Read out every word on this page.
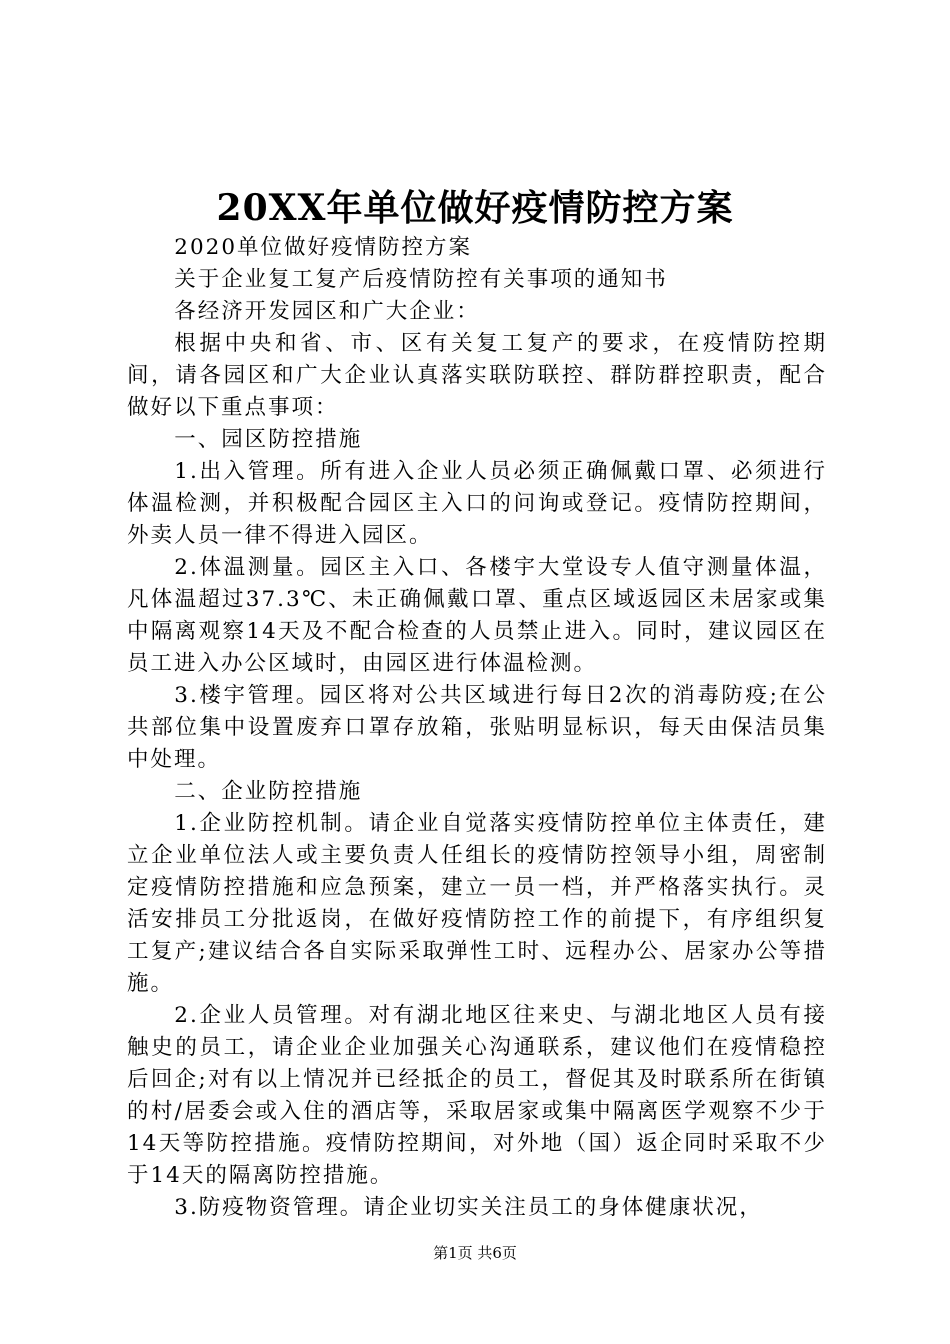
20XX年单位做好疫情防控方案

2020单位做好疫情防控方案

关于企业复工复产后疫情防控有关事项的通知书

各经济开发园区和广大企业：

根据中央和省、市、区有关复工复产的要求，在疫情防控期间，请各园区和广大企业认真落实联防联控、群防群控职责，配合做好以下重点事项：

一、园区防控措施

1.出入管理。所有进入企业人员必须正确佩戴口罩、必须进行体温检测，并积极配合园区主入口的问询或登记。疫情防控期间，外卖人员一律不得进入园区。

2.体温测量。园区主入口、各楼宇大堂设专人值守测量体温，凡体温超过37.3℃、未正确佩戴口罩、重点区域返园区未居家或集中隔离观察14天及不配合检查的人员禁止进入。同时，建议园区在员工进入办公区域时，由园区进行体温检测。

3.楼宇管理。园区将对公共区域进行每日2次的消毒防疫;在公共部位集中设置废弃口罩存放箱，张贴明显标识，每天由保洁员集中处理。

二、企业防控措施

1.企业防控机制。请企业自觉落实疫情防控单位主体责任，建立企业单位法人或主要负责人任组长的疫情防控领导小组，周密制定疫情防控措施和应急预案，建立一员一档，并严格落实执行。灵活安排员工分批返岗，在做好疫情防控工作的前提下，有序组织复工复产;建议结合各自实际采取弹性工时、远程办公、居家办公等措施。

2.企业人员管理。对有湖北地区往来史、与湖北地区人员有接触史的员工，请企业企业加强关心沟通联系，建议他们在疫情稳控后回企;对有以上情况并已经抵企的员工，督促其及时联系所在街镇的村/居委会或入住的酒店等，采取居家或集中隔离医学观察不少于14天等防控措施。疫情防控期间，对外地（国）返企同时采取不少于14天的隔离防控措施。

3.防疫物资管理。请企业切实关注员工的身体健康状况，

第1页 共6页
